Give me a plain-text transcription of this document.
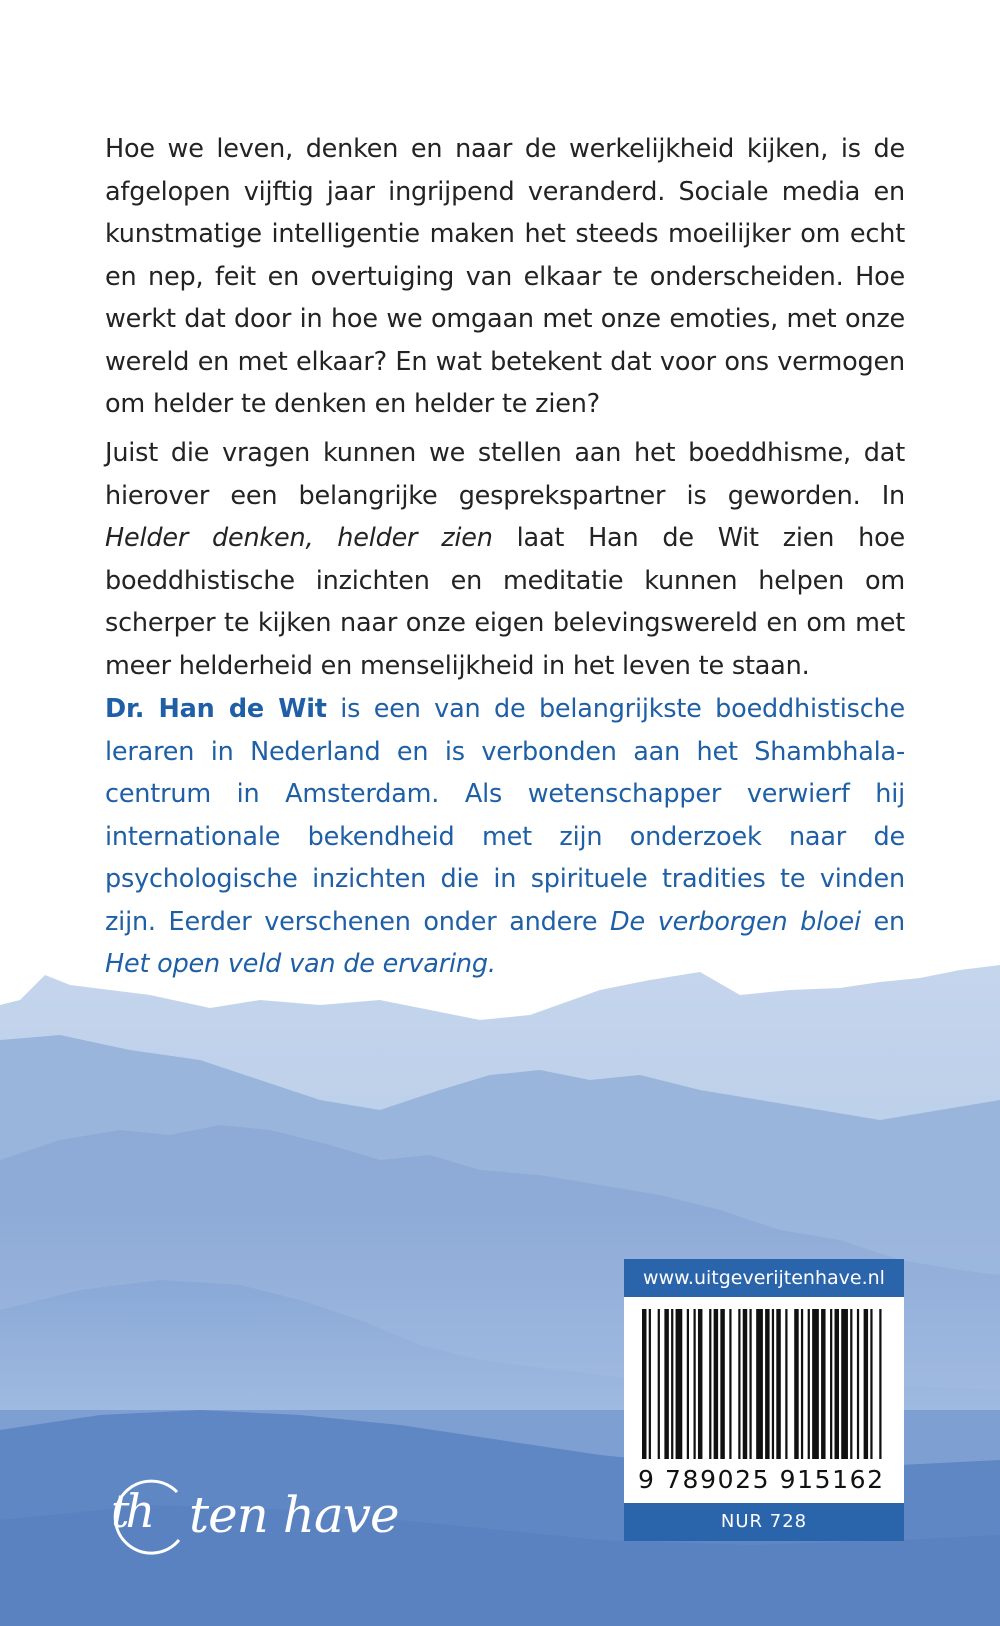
Hoe we leven, denken en naar de werkelijkheid kijken, is de afgelopen vijftig jaar ingrijpend veranderd. Sociale media en kunstmatige intelligentie maken het steeds moeilijker om echt en nep, feit en overtuiging van elkaar te onderscheiden. Hoe werkt dat door in hoe we omgaan met onze emoties, met onze wereld en met elkaar? En wat betekent dat voor ons vermogen om helder te denken en helder te zien?

Juist die vragen kunnen we stellen aan het boeddhisme, dat hierover een belangrijke gesprekspartner is geworden. In Helder denken, helder zien laat Han de Wit zien hoe boeddhistische inzichten en meditatie kunnen helpen om scherper te kijken naar onze eigen belevingswereld en om met meer helderheid en menselijkheid in het leven te staan.

Dr. Han de Wit is een van de belangrijkste boeddhistische leraren in Nederland en is verbonden aan het Shambhala-centrum in Amsterdam. Als wetenschapper verwierf hij internationale bekendheid met zijn onderzoek naar de psychologische inzichten die in spirituele tradities te vinden zijn. Eerder verschenen onder andere De verborgen bloei en Het open veld van de ervaring.

th ten have
www.uitgeverijtenhave.nl
9 789025 915162
NUR 728
